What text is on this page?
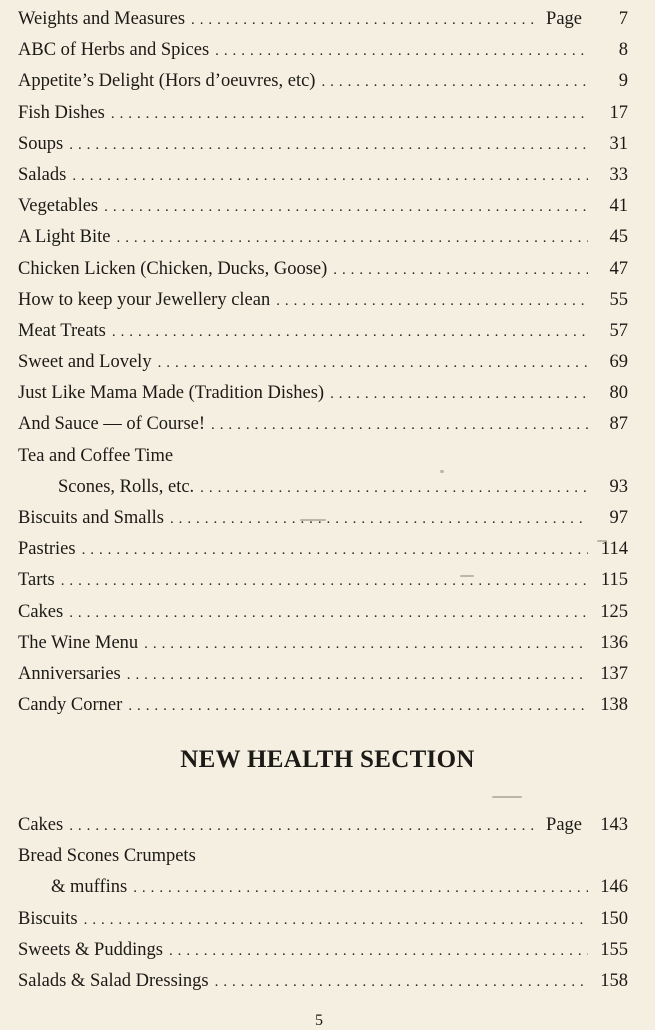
Weights and Measures . . .	Page	7
ABC of Herbs and Spices . . .	8
Appetite’s Delight (Hors d’oeuvres, etc) . . .	9
Fish Dishes . . .	17
Soups . . .	31
Salads . . .	33
Vegetables . . .	41
A Light Bite . . .	45
Chicken Licken (Chicken, Ducks, Goose) . . .	47
How to keep your Jewellery clean . . .	55
Meat Treats . . .	57
Sweet and Lovely . . .	69
Just Like Mama Made (Tradition Dishes) . . .	80
And Sauce — of Course! . . .	87
Tea and Coffee Time
Scones, Rolls, etc. . . .	93
Biscuits and Smalls . . .	97
Pastries . . .	114
Tarts . . .	115
Cakes . . .	125
The Wine Menu . . .	136
Anniversaries . . .	137
Candy Corner . . .	138
NEW HEALTH SECTION
Cakes . . .	Page 143
Bread Scones Crumpets
& muffins . . .	146
Biscuits . . .	150
Sweets & Puddings . . .	155
Salads & Salad Dressings . . .	158
5
